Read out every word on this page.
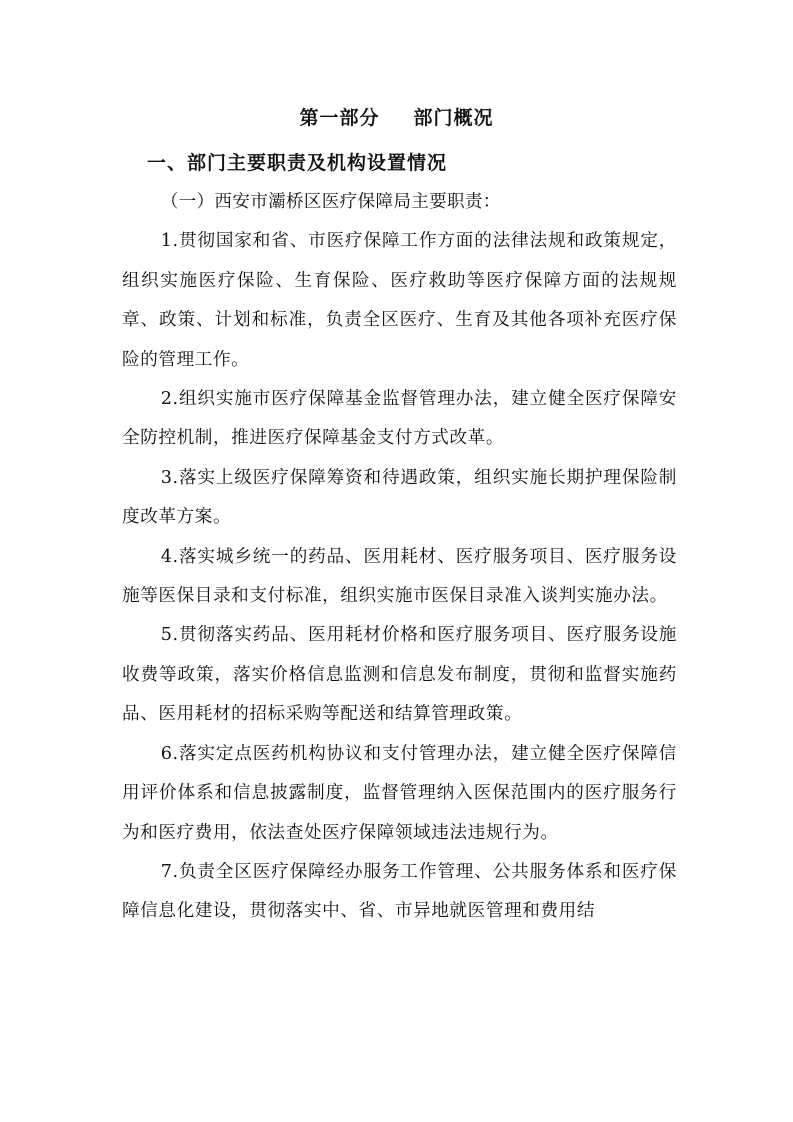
第一部分 部门概况
一、部门主要职责及机构设置情况

（一）西安市灞桥区医疗保障局主要职责：

1.贯彻国家和省、市医疗保障工作方面的法律法规和政策规定，组织实施医疗保险、生育保险、医疗救助等医疗保障方面的法规规章、政策、计划和标准，负责全区医疗、生育及其他各项补充医疗保险的管理工作。

2.组织实施市医疗保障基金监督管理办法，建立健全医疗保障安全防控机制，推进医疗保障基金支付方式改革。

3.落实上级医疗保障筹资和待遇政策，组织实施长期护理保险制度改革方案。

4.落实城乡统一的药品、医用耗材、医疗服务项目、医疗服务设施等医保目录和支付标准，组织实施市医保目录准入谈判实施办法。

5.贯彻落实药品、医用耗材价格和医疗服务项目、医疗服务设施收费等政策，落实价格信息监测和信息发布制度，贯彻和监督实施药品、医用耗材的招标采购等配送和结算管理政策。

6.落实定点医药机构协议和支付管理办法，建立健全医疗保障信用评价体系和信息披露制度，监督管理纳入医保范围内的医疗服务行为和医疗费用，依法查处医疗保障领域违法违规行为。

7.负责全区医疗保障经办服务工作管理、公共服务体系和医疗保障信息化建设，贯彻落实中、省、市异地就医管理和费用结
